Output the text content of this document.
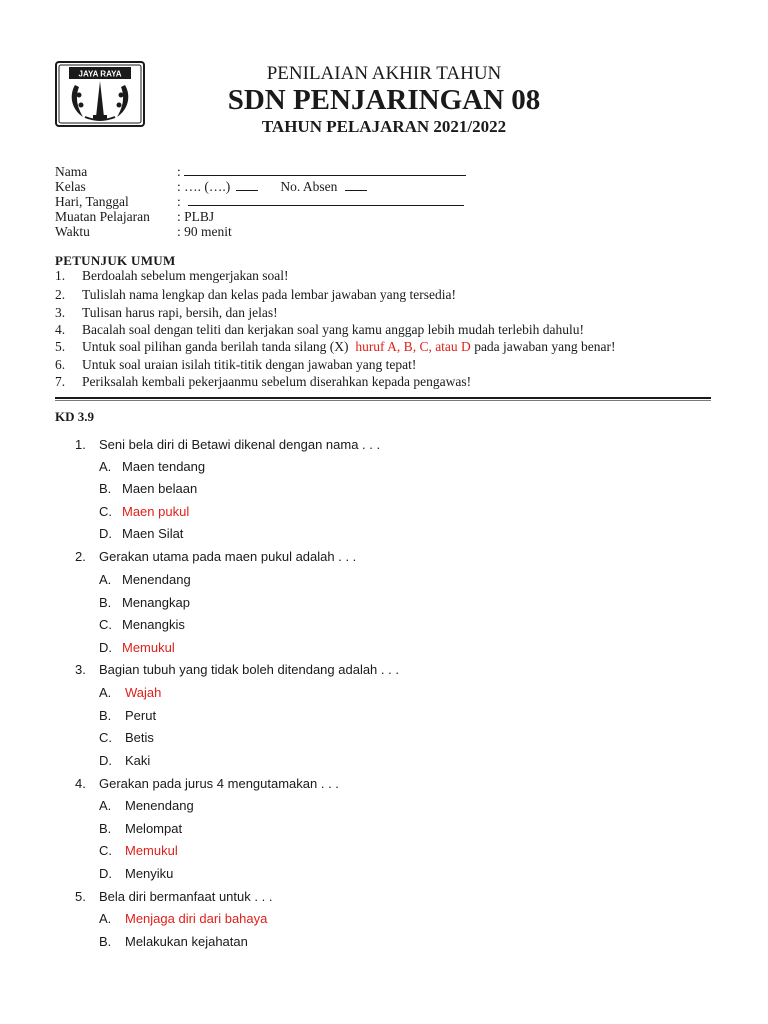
JAYA RAYA	PENILAIAN AKHIR TAHUN
SDN PENJARINGAN 08
TAHUN PELAJARAN 2021/2022
Nama	:
Kelas	: …. (….)	No. Absen
Hari, Tanggal	:
Muatan Pelajaran : PLBJ
Waktu	: 90 menit
PETUNJUK UMUM
1. Berdoalah sebelum mengerjakan soal!
2. Tulislah nama lengkap dan kelas pada lembar jawaban yang tersedia!
3. Tulisan harus rapi, bersih, dan jelas!
4. Bacalah soal dengan teliti dan kerjakan soal yang kamu anggap lebih mudah terlebih dahulu!
5. Untuk soal pilihan ganda berilah tanda silang (X) huruf A, B, C, atau D pada jawaban yang benar!
6. Untuk soal uraian isilah titik-titik dengan jawaban yang tepat!
7. Periksalah kembali pekerjaanmu sebelum diserahkan kepada pengawas!
KD 3.9
1. Seni bela diri di Betawi dikenal dengan nama . . .
A. Maen tendang
B. Maen belaan
C. Maen pukul
D. Maen Silat
2. Gerakan utama pada maen pukul adalah . . .
A. Menendang
B. Menangkap
C. Menangkis
D. Memukul
3. Bagian tubuh yang tidak boleh ditendang adalah . . .
A. Wajah
B. Perut
C. Betis
D. Kaki
4. Gerakan pada jurus 4 mengutamakan . . .
A. Menendang
B. Melompat
C. Memukul
D. Menyiku
5. Bela diri bermanfaat untuk . . .
A. Menjaga diri dari bahaya
B. Melakukan kejahatan
